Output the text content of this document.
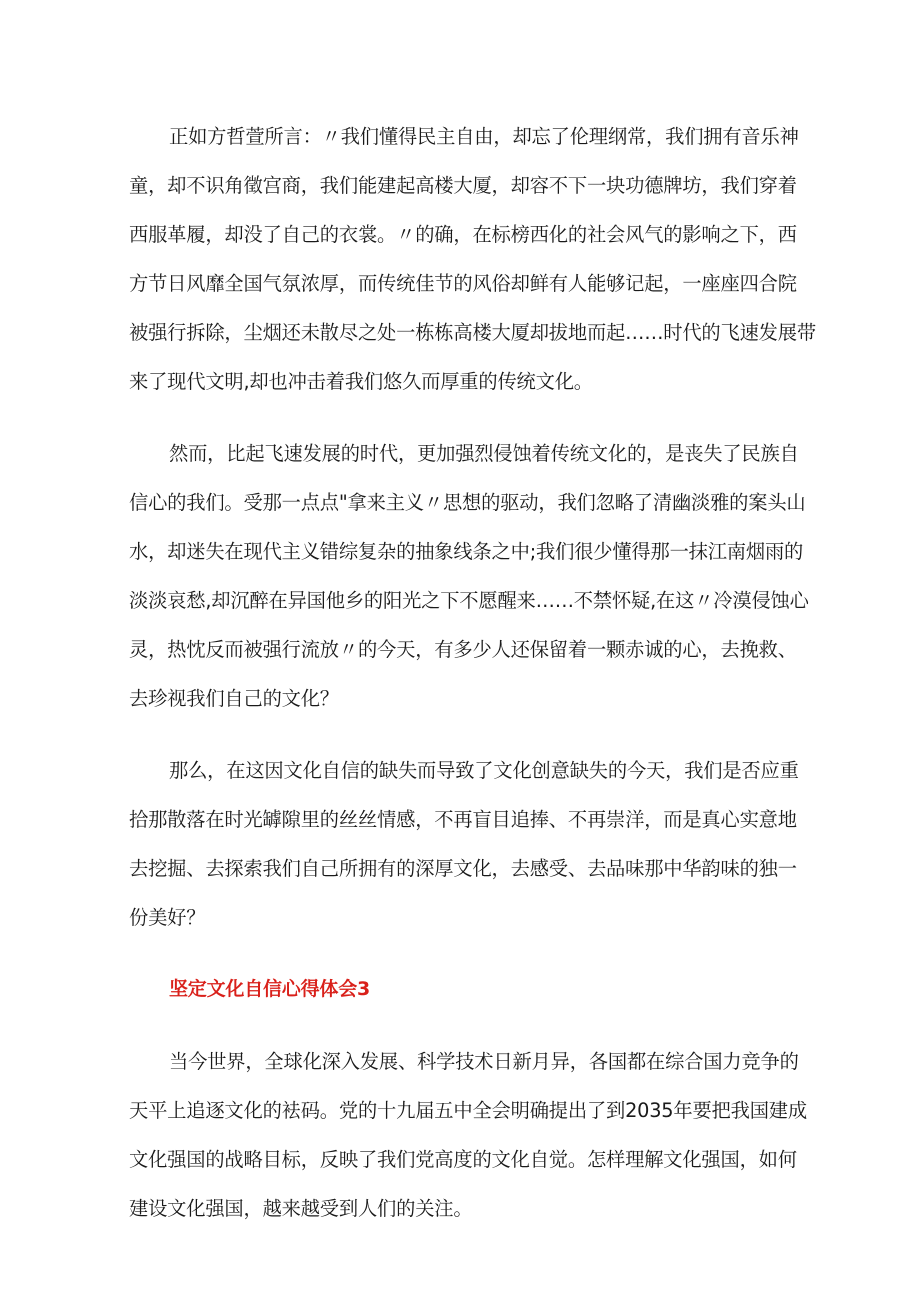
正如方哲萱所言：〃我们懂得民主自由，却忘了伦理纲常，我们拥有音乐神
童，却不识角徵宫商，我们能建起高楼大厦，却容不下一块功德牌坊，我们穿着
西服革履，却没了自己的衣裳。〃的确，在标榜西化的社会风气的影响之下，西
方节日风靡全国气氛浓厚，而传统佳节的风俗却鲜有人能够记起，一座座四合院
被强行拆除，尘烟还未散尽之处一栋栋高楼大厦却拔地而起……时代的飞速发展带
来了现代文明,却也冲击着我们悠久而厚重的传统文化。

然而，比起飞速发展的时代，更加强烈侵蚀着传统文化的，是丧失了民族自
信心的我们。受那一点点"拿来主义〃思想的驱动，我们忽略了清幽淡雅的案头山
水，却迷失在现代主义错综复杂的抽象线条之中;我们很少懂得那一抹江南烟雨的
淡淡哀愁,却沉醉在异国他乡的阳光之下不愿醒来……不禁怀疑,在这〃冷漠侵蚀心
灵，热忱反而被强行流放〃的今天，有多少人还保留着一颗赤诚的心，去挽救、
去珍视我们自己的文化？

那么，在这因文化自信的缺失而导致了文化创意缺失的今天，我们是否应重
拾那散落在时光罅隙里的丝丝情感，不再盲目追捧、不再崇洋，而是真心实意地
去挖掘、去探索我们自己所拥有的深厚文化，去感受、去品味那中华韵味的独一
份美好？

坚定文化自信心得体会3

当今世界，全球化深入发展、科学技术日新月异，各国都在综合国力竞争的
天平上追逐文化的袪码。党的十九届五中全会明确提出了到2035年要把我国建成
文化强国的战略目标，反映了我们党高度的文化自觉。怎样理解文化强国，如何
建设文化强国，越来越受到人们的关注。
